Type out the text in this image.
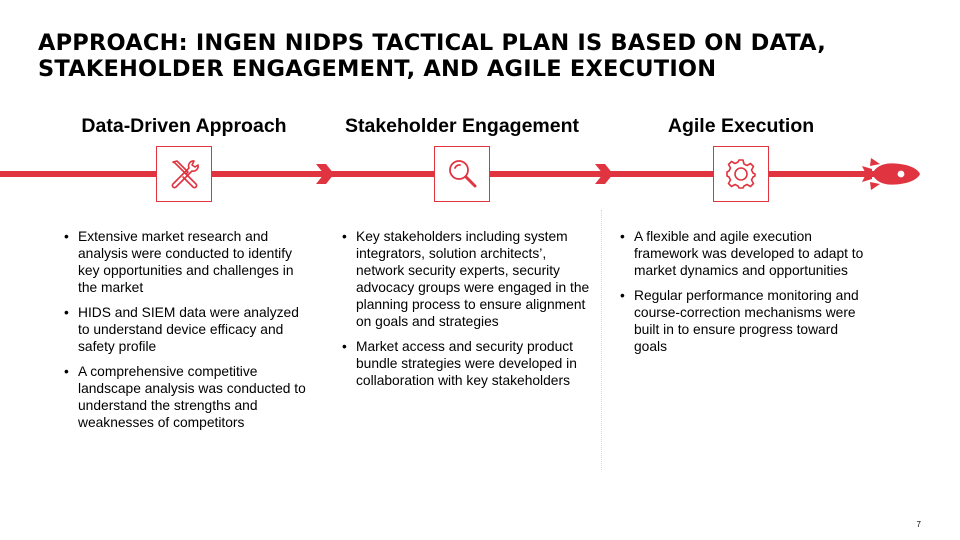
APPROACH: INGEN NIDPS TACTICAL PLAN IS BASED ON DATA,
STAKEHOLDER ENGAGEMENT, AND AGILE EXECUTION
Data-Driven Approach	Stakeholder Engagement	Agile Execution
• Extensive market research and analysis were conducted to identify key opportunities and challenges in the market
• HIDS and SIEM data were analyzed to understand device efficacy and safety profile
• A comprehensive competitive landscape analysis was conducted to understand the strengths and weaknesses of competitors
• Key stakeholders including system integrators, solution architects’, network security experts, security advocacy groups were engaged in the planning process to ensure alignment on goals and strategies
• Market access and security product bundle strategies were developed in collaboration with key stakeholders
• A flexible and agile execution framework was developed to adapt to market dynamics and opportunities
• Regular performance monitoring and course-correction mechanisms were built in to ensure progress toward goals
7
